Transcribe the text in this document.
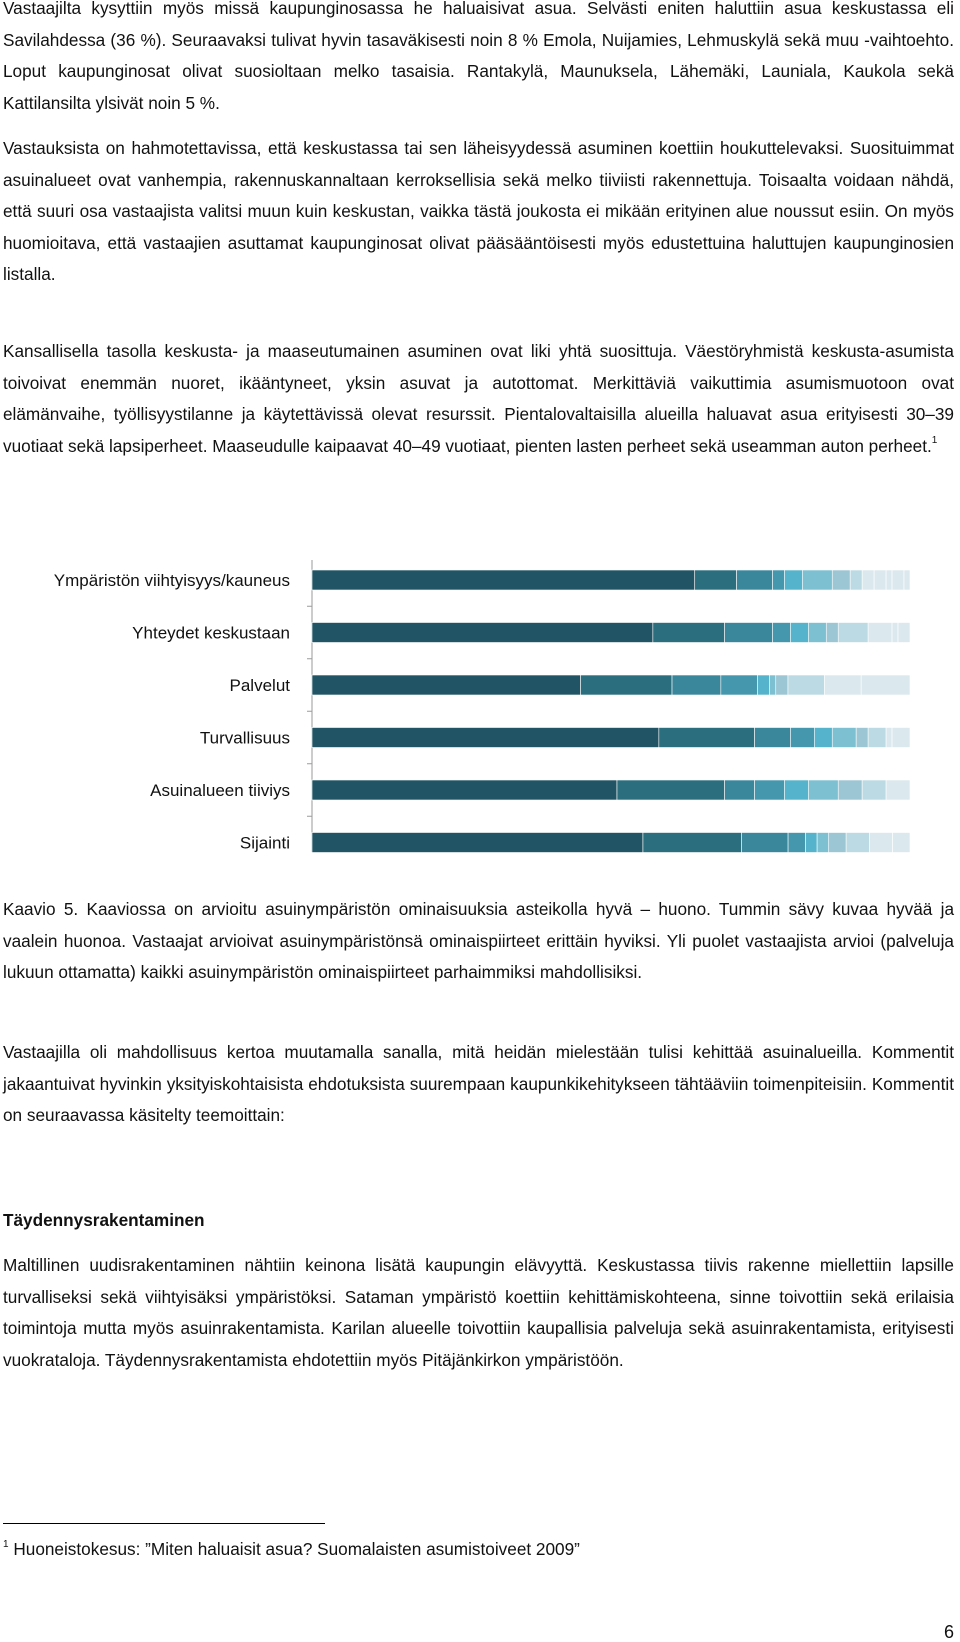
Vastaajilta kysyttiin myös missä kaupunginosassa he haluaisivat asua. Selvästi eniten haluttiin asua keskustassa eli Savilahdessa (36 %). Seuraavaksi tulivat hyvin tasaväkisesti noin 8 % Emola, Nuijamies, Lehmuskylä sekä muu -vaihtoehto. Loput kaupunginosat olivat suosioltaan melko tasaisia. Rantakylä, Maunuksela, Lähemäki, Launiala, Kaukola sekä Kattilansilta ylsivät noin 5 %.

Vastauksista on hahmotettavissa, että keskustassa tai sen läheisyydessä asuminen koettiin houkuttelevaksi. Suosituimmat asuinalueet ovat vanhempia, rakennuskannaltaan kerroksellisia sekä melko tiiviisti rakennettuja. Toisaalta voidaan nähdä, että suuri osa vastaajista valitsi muun kuin keskustan, vaikka tästä joukosta ei mikään erityinen alue noussut esiin. On myös huomioitava, että vastaajien asuttamat kaupunginosat olivat pääsääntöisesti myös edustettuina haluttujen kaupunginosien listalla.

Kansallisella tasolla keskusta- ja maaseutumainen asuminen ovat liki yhtä suosittuja. Väestöryhmistä keskusta-asumista toivoivat enemmän nuoret, ikääntyneet, yksin asuvat ja autottomat. Merkittäviä vaikuttimia asumismuotoon ovat elämänvaihe, työllisyystilanne ja käytettävissä olevat resurssit. Pientalovaltaisilla alueilla haluavat asua erityisesti 30–39 vuotiaat sekä lapsiperheet. Maaseudulle kaipaavat 40–49 vuotiaat, pienten lasten perheet sekä useamman auton perheet.$^1$

Ympäristön viihtyisyys/kauneus
Yhteydet keskustaan
Palvelut
Turvallisuus
Asuinalueen tiiviys
Sijainti

Kaavio 5. Kaaviossa on arvioitu asuinympäristön ominaisuuksia asteikolla hyvä – huono. Tummin sävy kuvaa hyvää ja vaalein huonoa. Vastaajat arvioivat asuinympäristönsä ominaispiirteet erittäin hyviksi. Yli puolet vastaajista arvioi (palveluja lukuun ottamatta) kaikki asuinympäristön ominaispiirteet parhaimmiksi mahdollisiksi.

Vastaajilla oli mahdollisuus kertoa muutamalla sanalla, mitä heidän mielestään tulisi kehittää asuinalueilla. Kommentit jakaantuivat hyvinkin yksityiskohtaisista ehdotuksista suurempaan kaupunkikehitykseen tähtääviin toimenpiteisiin. Kommentit on seuraavassa käsitelty teemoittain:

Täydennysrakentaminen

Maltillinen uudisrakentaminen nähtiin keinona lisätä kaupungin elävyyttä. Keskustassa tiivis rakenne miellettiin lapsille turvalliseksi sekä viihtyisäksi ympäristöksi. Sataman ympäristö koettiin kehittämiskohteena, sinne toivottiin sekä erilaisia toimintoja mutta myös asuinrakentamista. Karilan alueelle toivottiin kaupallisia palveluja sekä asuinrakentamista, erityisesti vuokrataloja. Täydennysrakentamista ehdotettiin myös Pitäjänkirkon ympäristöön.

$^1$ Huoneistokesus: ”Miten haluaisit asua? Suomalaisten asumistoiveet 2009”

6
